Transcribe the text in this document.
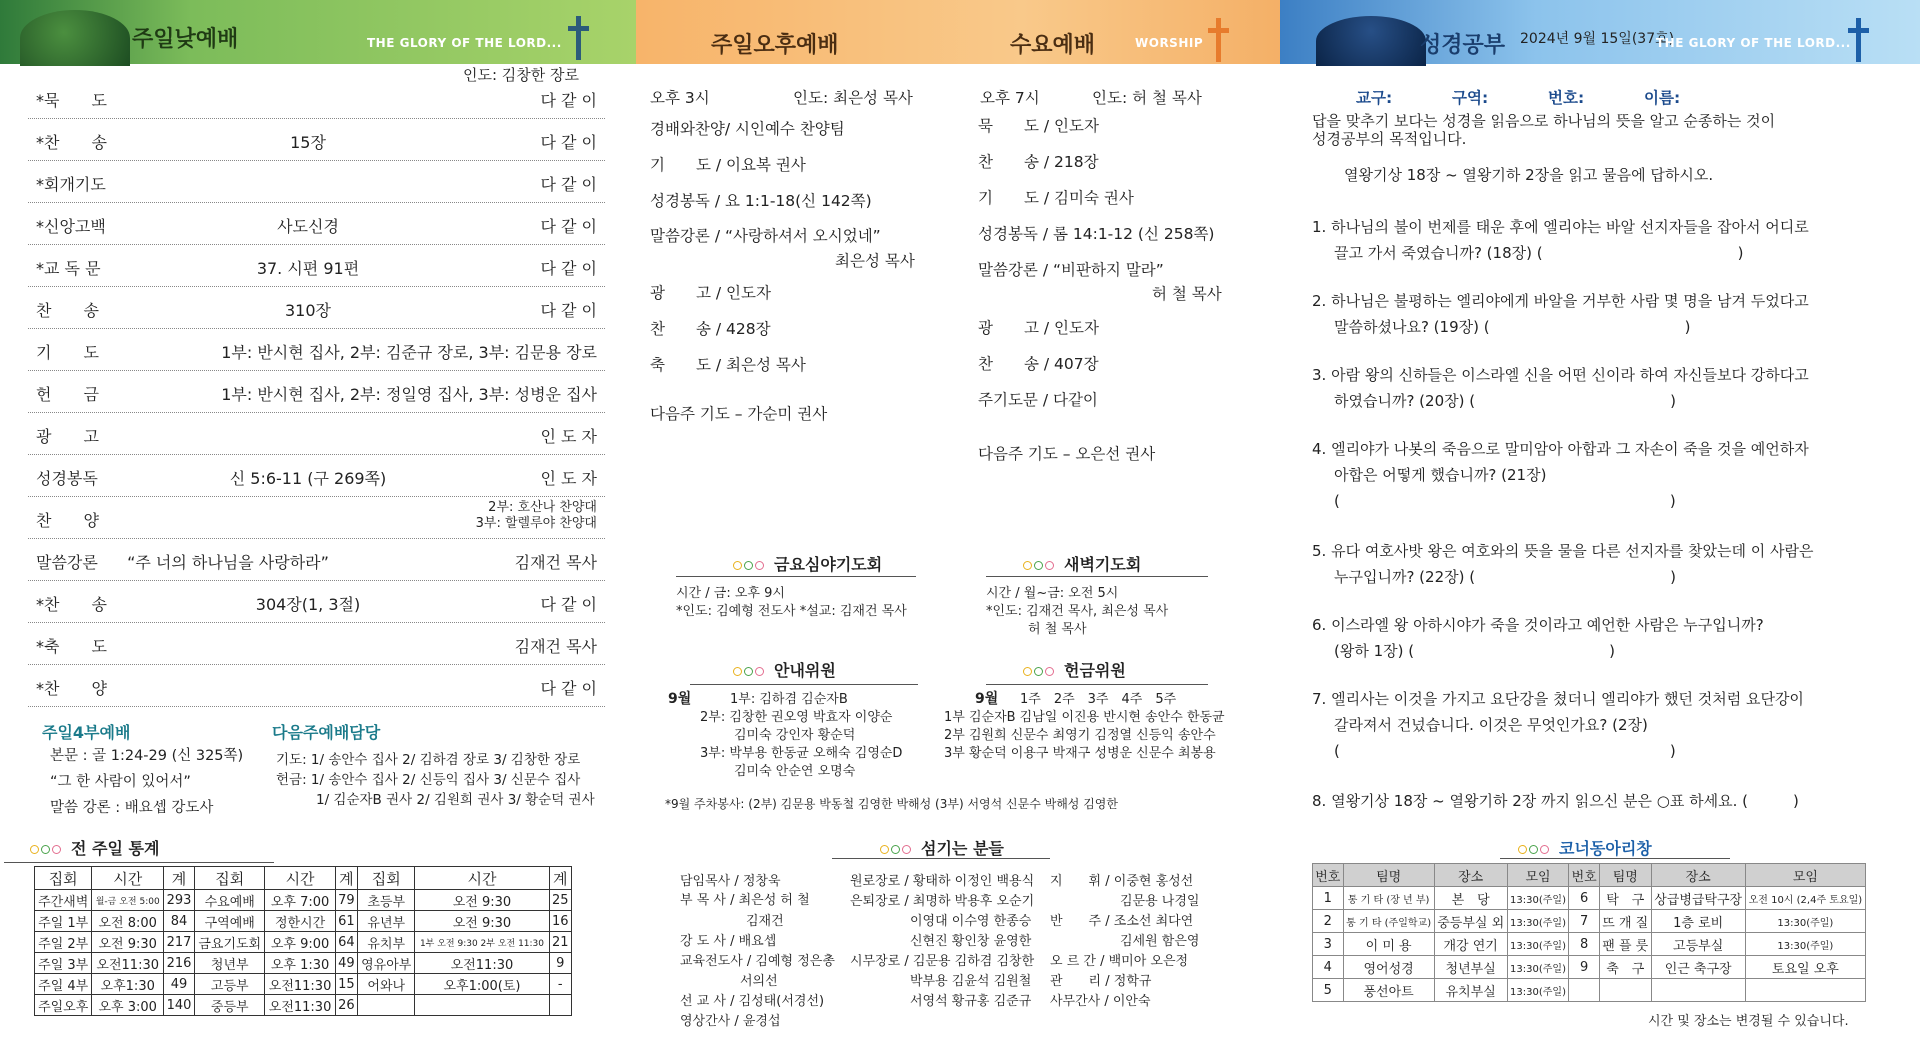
주일낮예배	THE GLORY OF THE LORD...	주일오후예배	수요예배	WORSHIP	성경공부 2024년 9월 15일(37호)
THE GLORY OF THE LORD...
인도: 김창한 장로
*묵　　도	다 같 이
*찬　　송	15장	다 같 이
*회개기도	다 같 이
*신앙고백	사도신경	다 같 이
*교 독 문	37. 시편 91편	다 같 이
찬　　송	310장	다 같 이
기　　도	1부: 반시현 집사, 2부: 김준규 장로, 3부: 김문용 장로
헌　　금	1부: 반시현 집사, 2부: 정일영 집사, 3부: 성병운 집사
광　　고	인 도 자
성경봉독	신 5:6-11 (구 269쪽)	인 도 자
찬　　양
2부: 호산나 찬양대
3부: 할렐루야 찬양대
말씀강론	“주 너의 하나님을 사랑하라”	김재건 목사
*찬　　송	304장(1, 3절)	다 같 이
*축　　도	김재건 목사
*찬　　양	다 같 이
주일4부예배
본문 : 골 1:24-29 (신 325쪽)
“그 한 사람이 있어서”
말씀 강론 : 배요셉 강도사
다음주예배담당
기도: 1/ 송안수 집사 2/ 김하겸 장로 3/ 김창한 장로
헌금: 1/ 송안수 집사 2/ 신등익 집사 3/ 신문수 집사
1/ 김순자B 권사 2/ 김원희 권사 3/ 황순덕 권사
전 주일 통계
집회	시간	계	집회	시간	계	집회	시간	계
주간새벽	월-금 오전 5:00	293	수요예배	오후 7:00	79	초등부	오전 9:30	25
주일 1부	오전 8:00	84	구역예배	정한시간	61	유년부	오전 9:30	16
주일 2부	오전 9:30	217	금요기도회	오후 9:00	64	유치부	1부 오전 9:30 2부 오전 11:30	21
주일 3부	오전11:30	216	청년부	오후 1:30	49	영유아부	오전11:30	9
주일 4부	오후1:30	49	고등부	오전11:30	15	어와나	오후1:00(토)	-
주일오후	오후 3:00	140	중등부	오전11:30	26			
오후 3시	인도: 최은성 목사
경배와찬양/ 시인예수 찬양팀
기　　도 / 이요복 권사
성경봉독 / 요 1:1-18(신 142쪽)
말씀강론 / “사랑하셔서 오시었네”
최은성 목사
광　　고 / 인도자
찬　　송 / 428장
축　　도 / 최은성 목사
다음주 기도 – 가순미 권사
오후 7시	인도: 허 철 목사
묵　　도 / 인도자
찬　　송 / 218장
기　　도 / 김미숙 권사
성경봉독 / 롬 14:1-12 (신 258쪽)
말씀강론 / “비판하지 말라”
허 철 목사
광　　고 / 인도자
찬　　송 / 407장
주기도문 / 다같이
다음주 기도 – 오은선 권사
금요심야기도회
시간 / 금: 오후 9시
*인도: 김예형 전도사 *설교: 김재건 목사
새벽기도회
시간 / 월~금: 오전 5시
*인도: 김재건 목사, 최은성 목사
허 철 목사
안내위원
9월	1부: 김하겸 김순자B
2부: 김창한 권오영 박효자 이양순
김미숙 강인자 황순덕
3부: 박부용 한동균 오해숙 김영순D
김미숙 안순연 오명숙
헌금위원
9월 1주　2주　3주　4주　5주
1부 김순자B 김남일 이진용 반시현 송안수 한동균
2부 김원희 신문수 최영기 김정열 신등익 송안수
3부 황순덕 이용구 박재구 성병운 신문수 최봉용
*9월 주차봉사: (2부) 김문용 박동철 김영한 박해성 (3부) 서영석 신문수 박해성 김영한
섬기는 분들
담임목사 / 정창욱
부 목 사 / 최은성 허 철
김재건
강 도 사 / 배요셉
교육전도사 / 김예형 정은총
서의선
선 교 사 / 김성태(서경선)
영상간사 / 윤경섭
원로장로 / 황태하 이정인 백용식
은퇴장로 / 최명하 박용후 오순기
이영대 이수영 한종승
신현진 황인창 윤영한
시무장로 / 김문용 김하겸 김창한
박부용 김윤석 김원철
서영석 황규홍 김준규
지　　휘 / 이중현 홍성선
김문용 나경일
반　　주 / 조소선 최다연
김세원 함은영
오 르 간 / 백미아 오은정
관　　리 / 정학규
사무간사 / 이안숙
교구:	구역:	번호:	이름:
답을 맞추기 보다는 성경을 읽음으로 하나님의 뜻을 알고 순종하는 것이
성경공부의 목적입니다.
열왕기상 18장 ~ 열왕기하 2장을 읽고 물음에 답하시오.
1. 하나님의 불이 번제를 태운 후에 엘리야는 바알 선지자들을 잡아서 어디로
끌고 가서 죽였습니까? (18장) (　　　　　　　　　　　　　)
2. 하나님은 불평하는 엘리야에게 바알을 거부한 사람 몇 명을 남겨 두었다고
말씀하셨나요? (19장) (　　　　　　　　　　　　　)
3. 아람 왕의 신하들은 이스라엘 신을 어떤 신이라 하여 자신들보다 강하다고
하였습니까? (20장) (　　　　　　　　　　　　　)
4. 엘리야가 나봇의 죽음으로 말미암아 아합과 그 자손이 죽을 것을 예언하자
아합은 어떻게 했습니까? (21장)
(　　　　　　　　　　　　　　　　　　　　　　)
5. 유다 여호사밧 왕은 여호와의 뜻을 물을 다른 선지자를 찾았는데 이 사람은
누구입니까? (22장) (　　　　　　　　　　　　　)
6. 이스라엘 왕 아하시야가 죽을 것이라고 예언한 사람은 누구입니까?
(왕하 1장) (　　　　　　　　　　　　　)
7. 엘리사는 이것을 가지고 요단강을 쳤더니 엘리야가 했던 것처럼 요단강이
갈라져서 건넜습니다. 이것은 무엇인가요? (2장)
(　　　　　　　　　　　　　　　　　　　　　　)
8. 열왕기상 18장 ~ 열왕기하 2장 까지 읽으신 분은 ○표 하세요. (　　　)
코너동아리창
번호	팀명	장소	모임	번호	팀명	장소	모임
1	통 기 타 (장 년 부)	본　당	13:30(주일)	6	탁　구	상급병급탁구장	오전 10시 (2,4주 토요일)
2	통 기 타 (주일학교)	중등부실 외	13:30(주일)	7	뜨 개 질	1층 로비	13:30(주일)
3	이 미 용	개강 연기	13:30(주일)	8	팬 플 룻	고등부실	13:30(주일)
4	영어성경	청년부실	13:30(주일)	9	축　구	인근 축구장	토요일 오후
5	풍선아트	유치부실	13:30(주일)				
시간 및 장소는 변경될 수 있습니다.
